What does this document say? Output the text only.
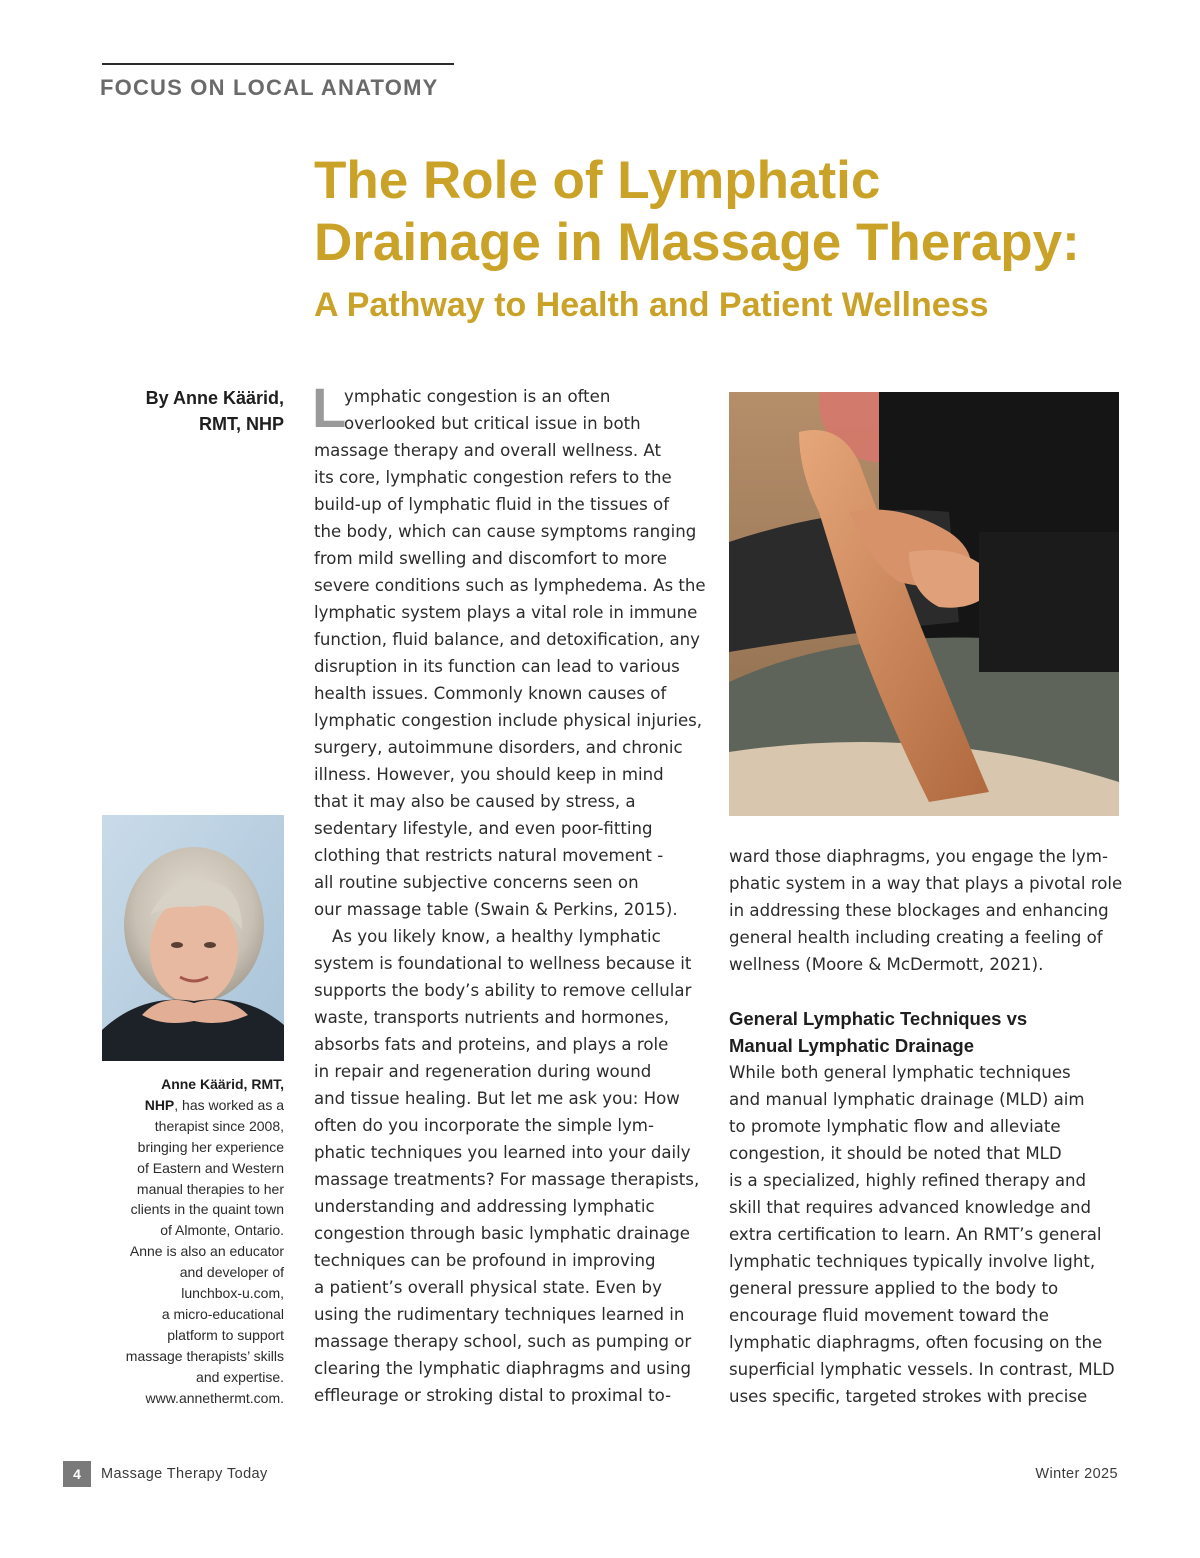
FOCUS ON LOCAL ANATOMY
The Role of Lymphatic
Drainage in Massage Therapy:
A Pathway to Health and Patient Wellness
By Anne Käärid,
RMT, NHP
Anne Käärid, RMT,
NHP, has worked as a
therapist since 2008,
bringing her experience
of Eastern and Western
manual therapies to her
clients in the quaint town
of Almonte, Ontario.
Anne is also an educator
and developer of
lunchbox-u.com,
a micro-educational
platform to support
massage therapists’ skills
and expertise.
www.annethermt.com.
L
ymphatic congestion is an often
overlooked but critical issue in both
massage therapy and overall wellness. At
its core, lymphatic congestion refers to the
build-up of lymphatic fluid in the tissues of
the body, which can cause symptoms ranging
from mild swelling and discomfort to more
severe conditions such as lymphedema. As the
lymphatic system plays a vital role in immune
function, fluid balance, and detoxification, any
disruption in its function can lead to various
health issues. Commonly known causes of
lymphatic congestion include physical injuries,
surgery, autoimmune disorders, and chronic
illness. However, you should keep in mind
that it may also be caused by stress, a
sedentary lifestyle, and even poor-fitting
clothing that restricts natural movement -
all routine subjective concerns seen on
our massage table (Swain & Perkins, 2015).
As you likely know, a healthy lymphatic
system is foundational to wellness because it
supports the body’s ability to remove cellular
waste, transports nutrients and hormones,
absorbs fats and proteins, and plays a role
in repair and regeneration during wound
and tissue healing. But let me ask you: How
often do you incorporate the simple lym-
phatic techniques you learned into your daily
massage treatments? For massage therapists,
understanding and addressing lymphatic
congestion through basic lymphatic drainage
techniques can be profound in improving
a patient’s overall physical state. Even by
using the rudimentary techniques learned in
massage therapy school, such as pumping or
clearing the lymphatic diaphragms and using
effleurage or stroking distal to proximal to-
ward those diaphragms, you engage the lym-
phatic system in a way that plays a pivotal role
in addressing these blockages and enhancing
general health including creating a feeling of
wellness (Moore & McDermott, 2021).
General Lymphatic Techniques vs
Manual Lymphatic Drainage
While both general lymphatic techniques
and manual lymphatic drainage (MLD) aim
to promote lymphatic flow and alleviate
congestion, it should be noted that MLD
is a specialized, highly refined therapy and
skill that requires advanced knowledge and
extra certification to learn. An RMT’s general
lymphatic techniques typically involve light,
general pressure applied to the body to
encourage fluid movement toward the
lymphatic diaphragms, often focusing on the
superficial lymphatic vessels. In contrast, MLD
uses specific, targeted strokes with precise
4	Massage Therapy Today	Winter 2025
